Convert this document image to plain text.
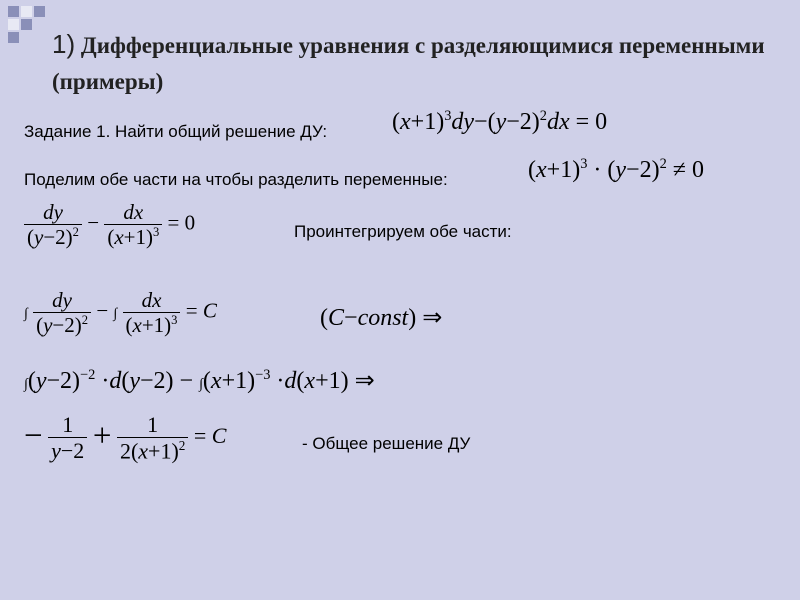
1) Дифференциальные уравнения с разделяющимися переменными (примеры)
Задание 1. Найти общий решение ДУ:	$(x+1)^3dy-(y-2)^2dx = 0$
Поделим обе части на чтобы разделить переменные:	$(x+1)^3 \cdot (y-2)^2 \ne 0$
$\frac{dy}{(y-2)^2} - \frac{dx}{(x+1)^3} = 0$	Проинтегрируем обе части:
∫ $\frac{dy}{(y-2)^2}$ − ∫ $\frac{dx}{(x+1)^3} = C$	(C−const) ⇒
$\int(y-2)^{-2} \cdot d(y-2) - \int(x+1)^{-3} \cdot d(x+1)$ ⇒
− $\frac{1}{y-2} + \frac{1}{2(x+1)^2} = C$	- Общее решение ДУ
